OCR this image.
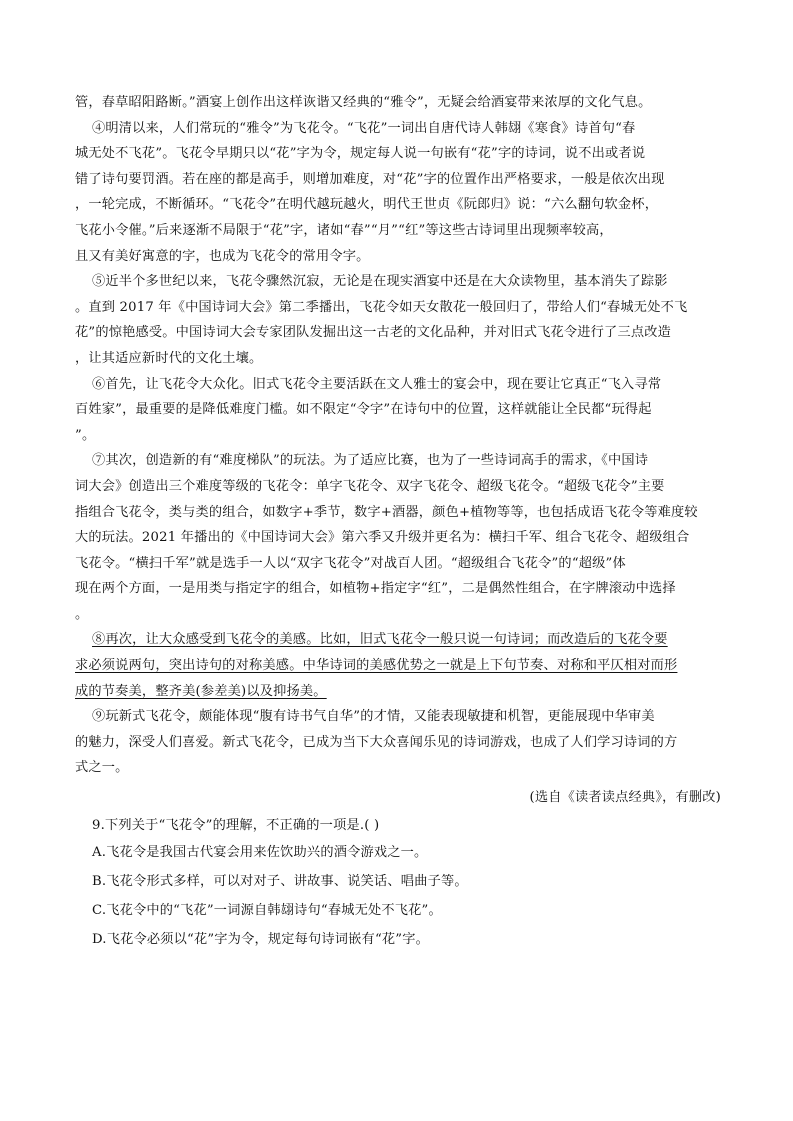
管，春草昭阳路断。”酒宴上创作出这样诙谐又经典的“雅令”，无疑会给酒宴带来浓厚的文化气息。
④明清以来，人们常玩的“雅令”为飞花令。“飞花”一词出自唐代诗人韩翃《寒食》诗首句“春
城无处不飞花”。飞花令早期只以“花”字为令，规定每人说一句嵌有“花”字的诗词，说不出或者说
错了诗句要罚酒。若在座的都是高手，则增加难度，对“花”字的位置作出严格要求，一般是依次出现
，一轮完成，不断循环。“飞花令”在明代越玩越火，明代王世贞《阮郎归》说：“六么翻句软金杯，
飞花小令催。”后来逐渐不局限于“花”字，诸如“春”“月”“红”等这些古诗词里出现频率较高，
且又有美好寓意的字，也成为飞花令的常用令字。
⑤近半个多世纪以来，飞花令骤然沉寂，无论是在现实酒宴中还是在大众读物里，基本消失了踪影
。直到 2017 年《中国诗词大会》第二季播出，飞花令如天女散花一般回归了，带给人们“春城无处不飞
花”的惊艳感受。中国诗词大会专家团队发掘出这一古老的文化品种，并对旧式飞花令进行了三点改造
，让其适应新时代的文化土壤。
⑥首先，让飞花令大众化。旧式飞花令主要活跃在文人雅士的宴会中，现在要让它真正“飞入寻常
百姓家”，最重要的是降低难度门槛。如不限定“令字”在诗句中的位置，这样就能让全民都“玩得起
”。
⑦其次，创造新的有“难度梯队”的玩法。为了适应比赛，也为了一些诗词高手的需求，《中国诗
词大会》创造出三个难度等级的飞花令：单字飞花令、双字飞花令、超级飞花令。“超级飞花令”主要
指组合飞花令，类与类的组合，如数字+季节，数字+酒器，颜色+植物等等，也包括成语飞花令等难度较
大的玩法。2021 年播出的《中国诗词大会》第六季又升级并更名为：横扫千军、组合飞花令、超级组合
飞花令。“横扫千军”就是选手一人以“双字飞花令”对战百人团。“超级组合飞花令”的“超级”体
现在两个方面，一是用类与指定字的组合，如植物+指定字“红”，二是偶然性组合，在字牌滚动中选择
。
⑧再次，让大众感受到飞花令的美感。比如，旧式飞花令一般只说一句诗词；而改造后的飞花令要
求必须说两句，突出诗句的对称美感。中华诗词的美感优势之一就是上下句节奏、对称和平仄相对而形
成的节奏美，整齐美(参差美)以及抑扬美。
⑨玩新式飞花令，颇能体现“腹有诗书气自华”的才情，又能表现敏捷和机智，更能展现中华审美
的魅力，深受人们喜爱。新式飞花令，已成为当下大众喜闻乐见的诗词游戏，也成了人们学习诗词的方
式之一。
(选自《读者读点经典》，有删改)
9.下列关于“飞花令”的理解，不正确的一项是.( )
A.飞花令是我国古代宴会用来佐饮助兴的酒令游戏之一。
B.飞花令形式多样，可以对对子、讲故事、说笑话、唱曲子等。
C.飞花令中的“飞花”一词源自韩翃诗句“春城无处不飞花”。
D.飞花令必须以“花”字为令，规定每句诗词嵌有“花”字。
